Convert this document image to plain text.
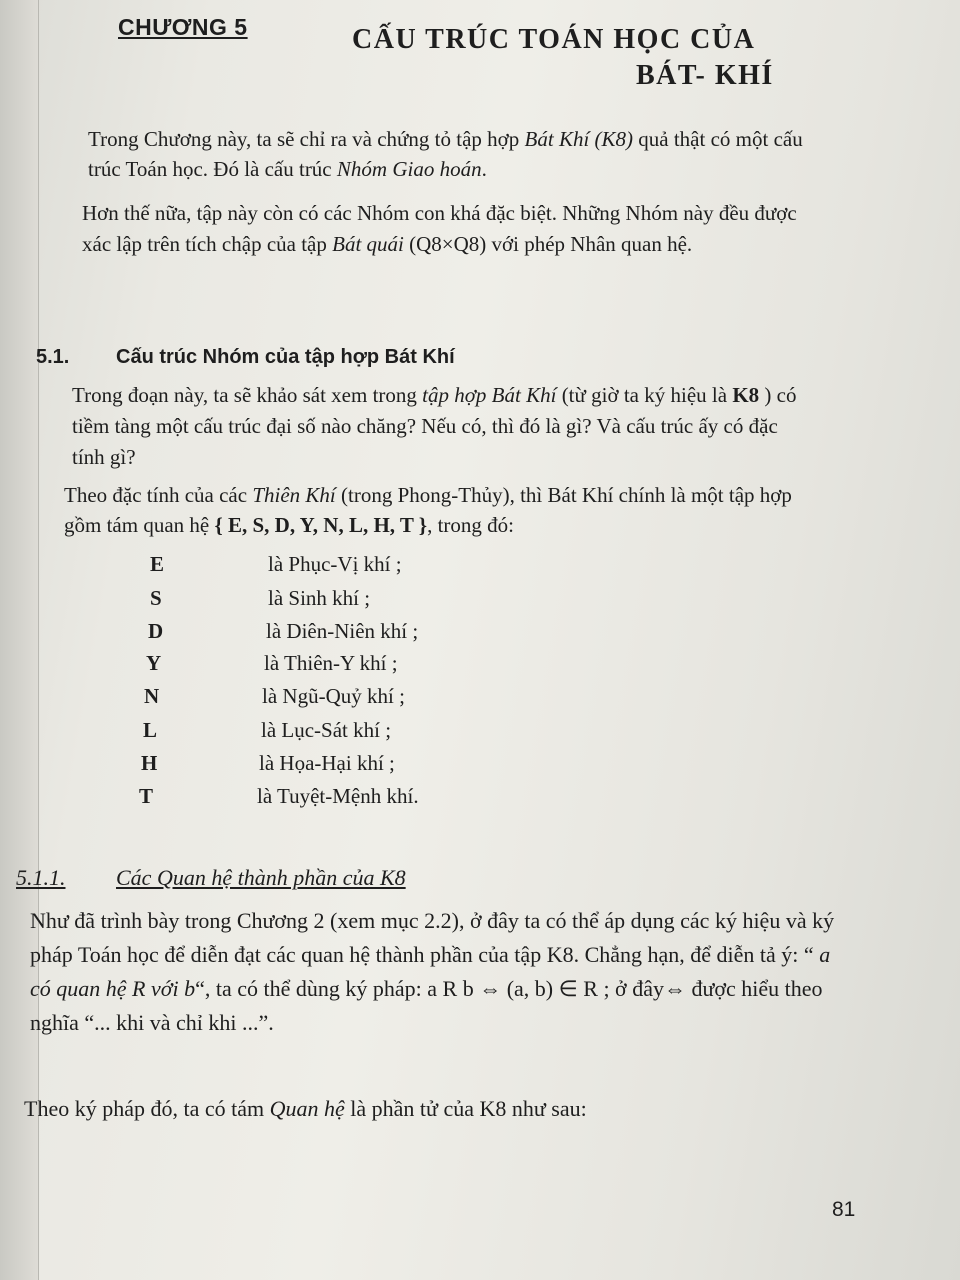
CHƯƠNG 5	CẤU TRÚC TOÁN HỌC CỦA
BÁT- KHÍ

Trong Chương này, ta sẽ chỉ ra và chứng tỏ tập hợp Bát Khí (K8) quả thật có một cấu trúc Toán học. Đó là cấu trúc Nhóm Giao hoán.

Hơn thế nữa, tập này còn có các Nhóm con khá đặc biệt. Những Nhóm này đều được xác lập trên tích chập của tập Bát quái (Q8×Q8) với phép Nhân quan hệ.

5.1. Cấu trúc Nhóm của tập hợp Bát Khí

Trong đoạn này, ta sẽ khảo sát xem trong tập hợp Bát Khí (từ giờ ta ký hiệu là K8 ) có tiềm tàng một cấu trúc đại số nào chăng? Nếu có, thì đó là gì? Và cấu trúc ấy có đặc tính gì?

Theo đặc tính của các Thiên Khí (trong Phong-Thủy), thì Bát Khí chính là một tập hợp gồm tám quan hệ { E, S, D, Y, N, L, H, T }, trong đó:

E	là Phục-Vị khí ;
S	là Sinh khí ;
D	là Diên-Niên khí ;
Y	là Thiên-Y khí ;
N	là Ngũ-Quỷ khí ;
L	là Lục-Sát khí ;
H	là Họa-Hại khí ;
T	là Tuyệt-Mệnh khí.
5.1.1. Các Quan hệ thành phần của K8

Như đã trình bày trong Chương 2 (xem mục 2.2), ở đây ta có thể áp dụng các ký hiệu và ký pháp Toán học để diễn đạt các quan hệ thành phần của tập K8. Chẳng hạn, để diễn tả ý: “ a có quan hệ R với b“, ta có thể dùng ký pháp: a R b ⇔ (a, b) ∈ R ; ở đây⇔ được hiểu theo nghĩa “... khi và chỉ khi ...”.

Theo ký pháp đó, ta có tám Quan hệ là phần tử của K8 như sau:

81
